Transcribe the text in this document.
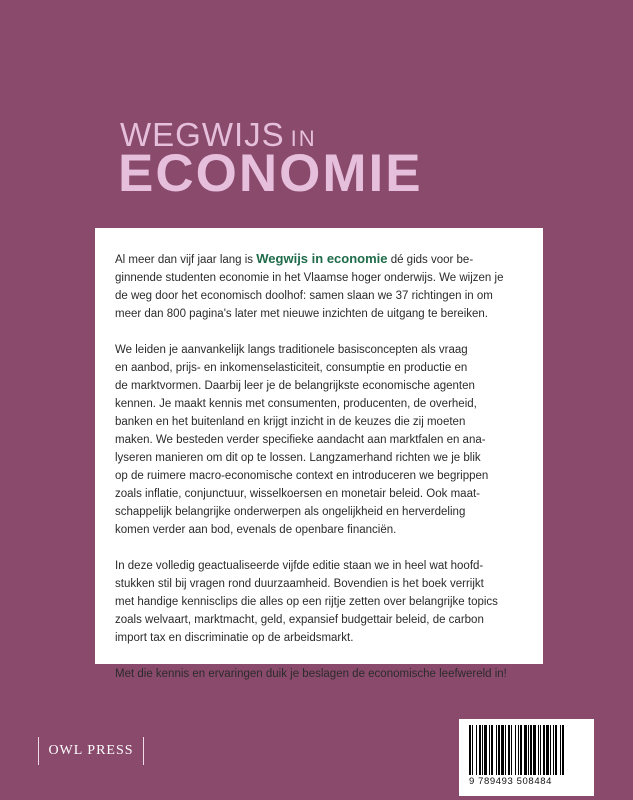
WEGWIJS IN
ECONOMIE
Al meer dan vijf jaar lang is Wegwijs in economie dé gids voor be-
ginnende studenten economie in het Vlaamse hoger onderwijs. We wijzen je
de weg door het economisch doolhof: samen slaan we 37 richtingen in om
meer dan 800 pagina's later met nieuwe inzichten de uitgang te bereiken.
We leiden je aanvankelijk langs traditionele basisconcepten als vraag
en aanbod, prijs- en inkomenselasticiteit, consumptie en productie en
de marktvormen. Daarbij leer je de belangrijkste economische agenten
kennen. Je maakt kennis met consumenten, producenten, de overheid,
banken en het buitenland en krijgt inzicht in de keuzes die zij moeten
maken. We besteden verder specifieke aandacht aan marktfalen en ana-
lyseren manieren om dit op te lossen. Langzamerhand richten we je blik
op de ruimere macro-economische context en introduceren we begrippen
zoals inflatie, conjunctuur, wisselkoersen en monetair beleid. Ook maat-
schappelijk belangrijke onderwerpen als ongelijkheid en herverdeling
komen verder aan bod, evenals de openbare financiën.
In deze volledig geactualiseerde vijfde editie staan we in heel wat hoofd-
stukken stil bij vragen rond duurzaamheid. Bovendien is het boek verrijkt
met handige kennisclips die alles op een rijtje zetten over belangrijke topics
zoals welvaart, marktmacht, geld, expansief budgettair beleid, de carbon
import tax en discriminatie op de arbeidsmarkt.
Met die kennis en ervaringen duik je beslagen de economische leefwereld in!
OWL PRESS
9 789493 508484
